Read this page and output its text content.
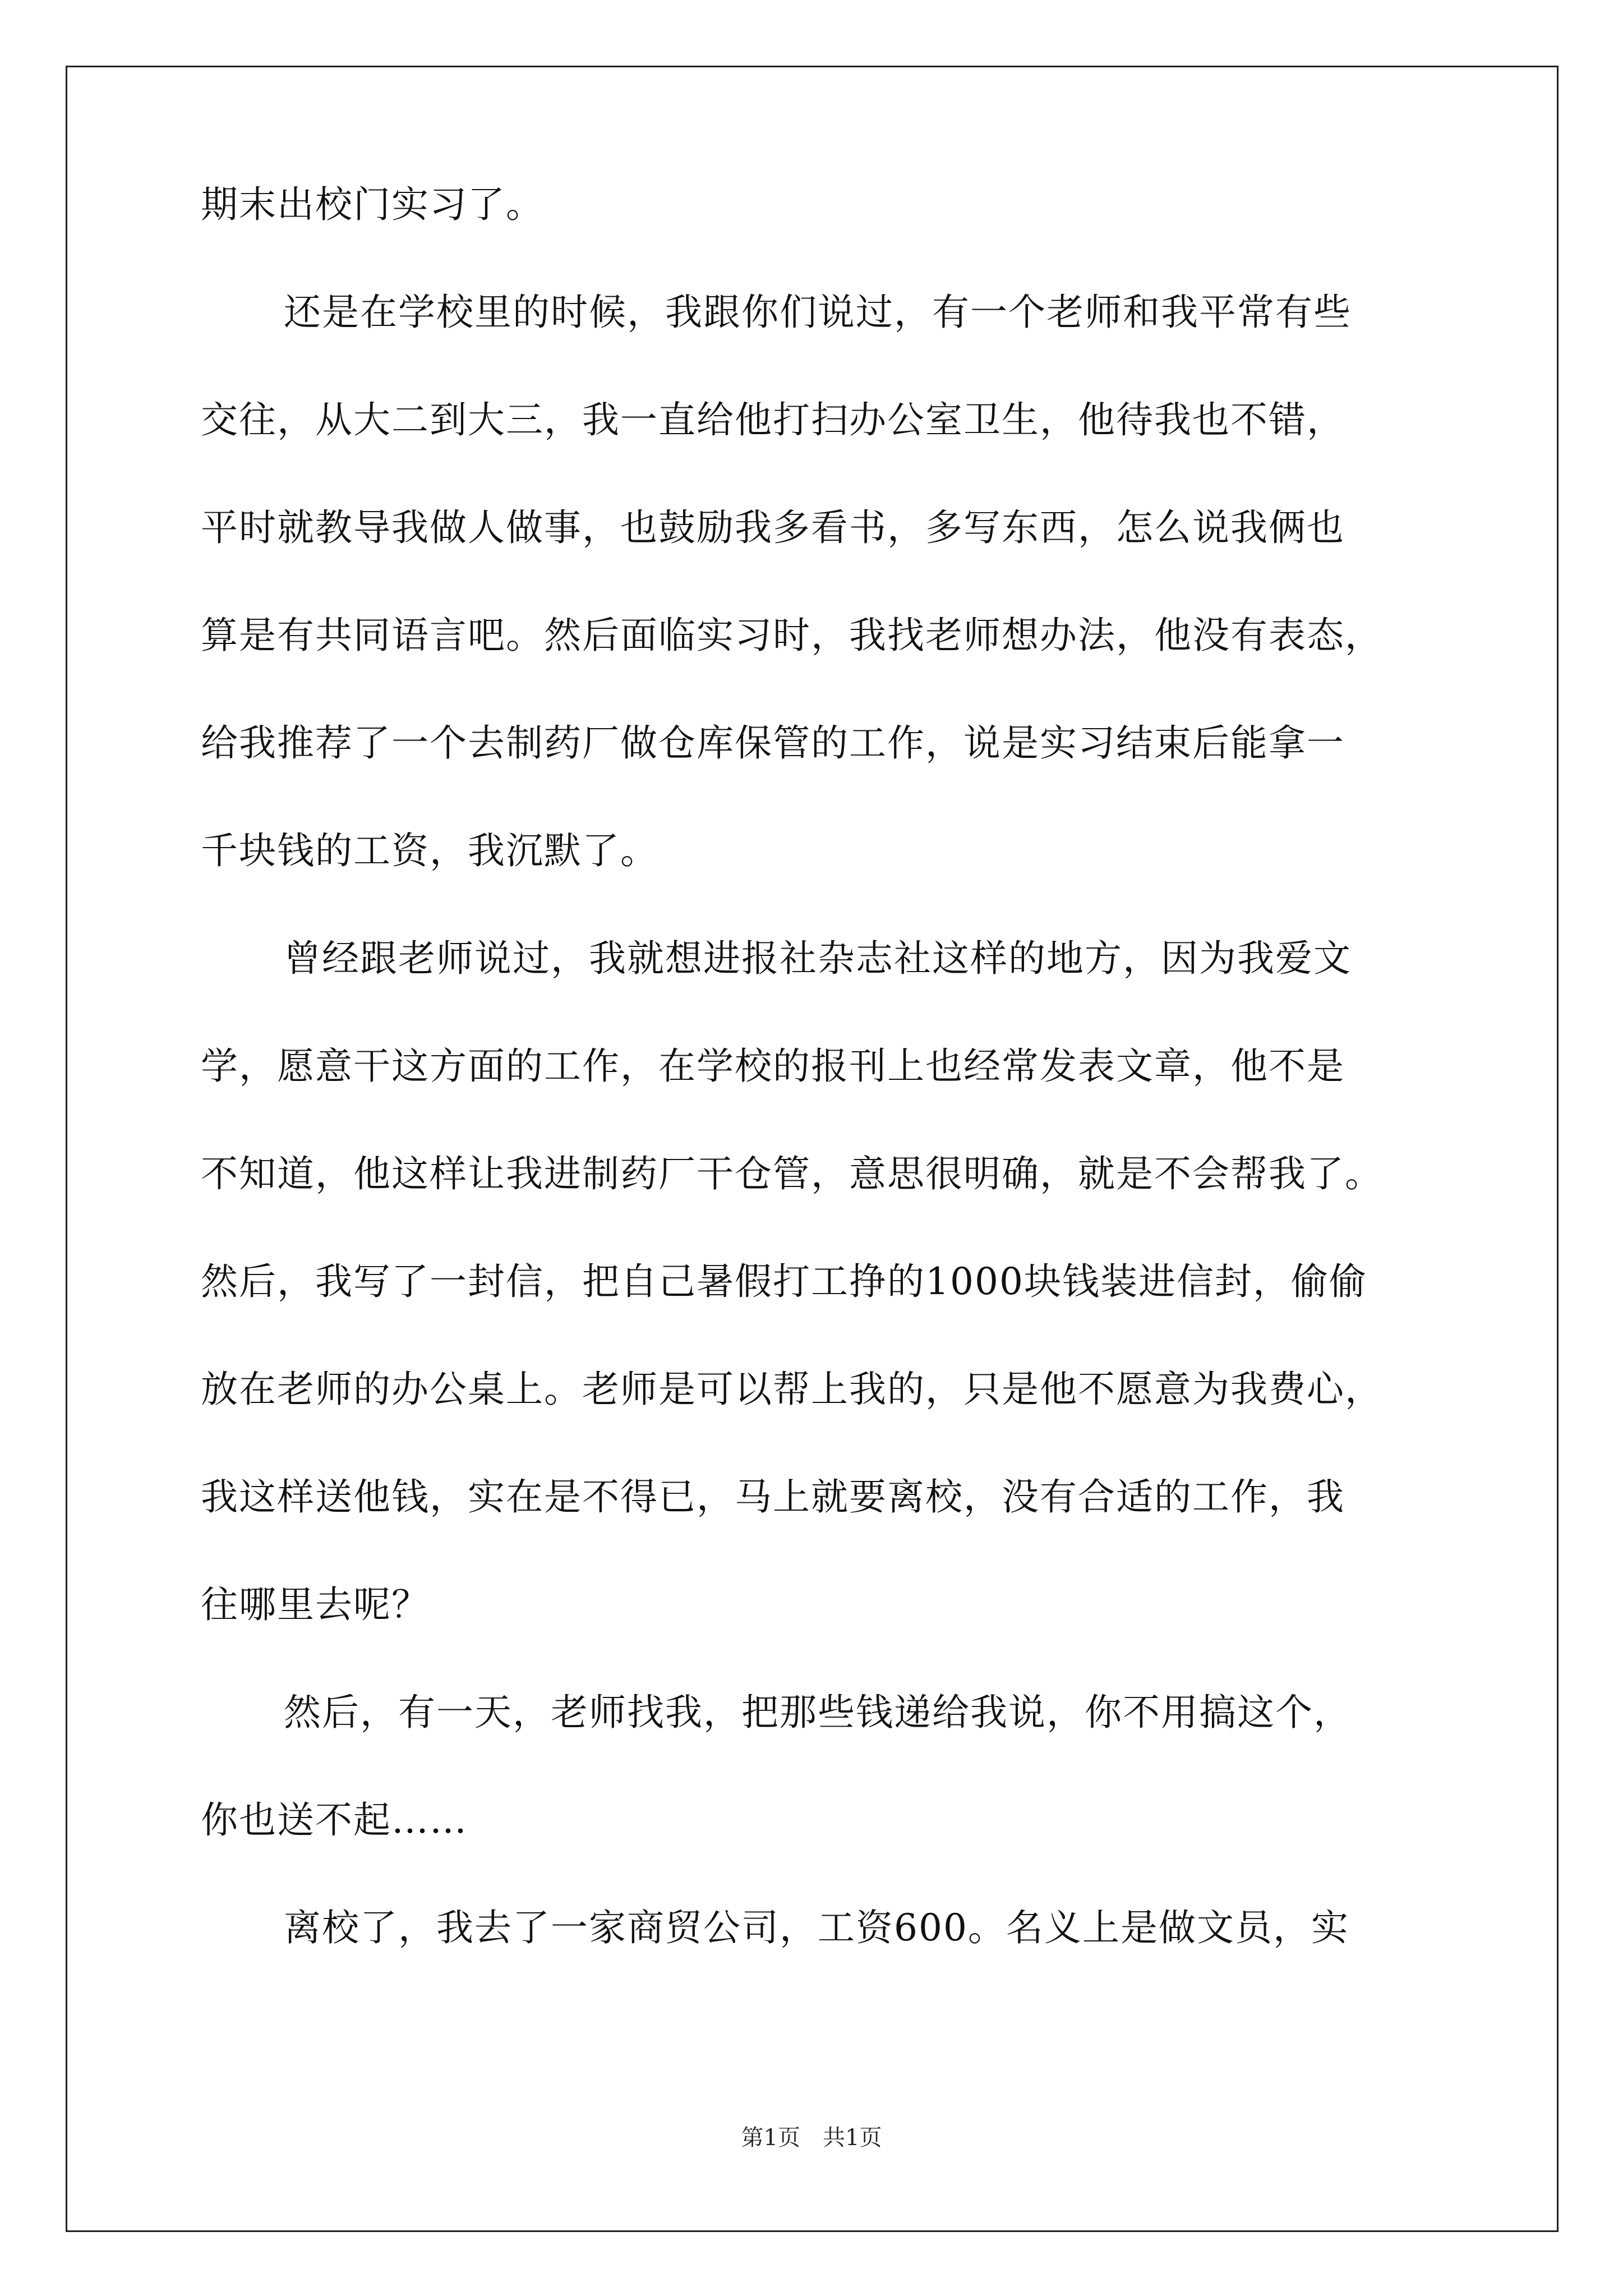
期末出校门实习了。
还是在学校里的时候，我跟你们说过，有一个老师和我平常有些
交往，从大二到大三，我一直给他打扫办公室卫生，他待我也不错，
平时就教导我做人做事，也鼓励我多看书，多写东西，怎么说我俩也
算是有共同语言吧。然后面临实习时，我找老师想办法，他没有表态，
给我推荐了一个去制药厂做仓库保管的工作，说是实习结束后能拿一
千块钱的工资，我沉默了。
曾经跟老师说过，我就想进报社杂志社这样的地方，因为我爱文
学，愿意干这方面的工作，在学校的报刊上也经常发表文章，他不是
不知道，他这样让我进制药厂干仓管，意思很明确，就是不会帮我了。
然后，我写了一封信，把自己暑假打工挣的1000块钱装进信封，偷偷
放在老师的办公桌上。老师是可以帮上我的，只是他不愿意为我费心，
我这样送他钱，实在是不得已，马上就要离校，没有合适的工作，我
往哪里去呢？
然后，有一天，老师找我，把那些钱递给我说，你不用搞这个，
你也送不起……
离校了，我去了一家商贸公司，工资600。名义上是做文员，实
第1页　共1页
